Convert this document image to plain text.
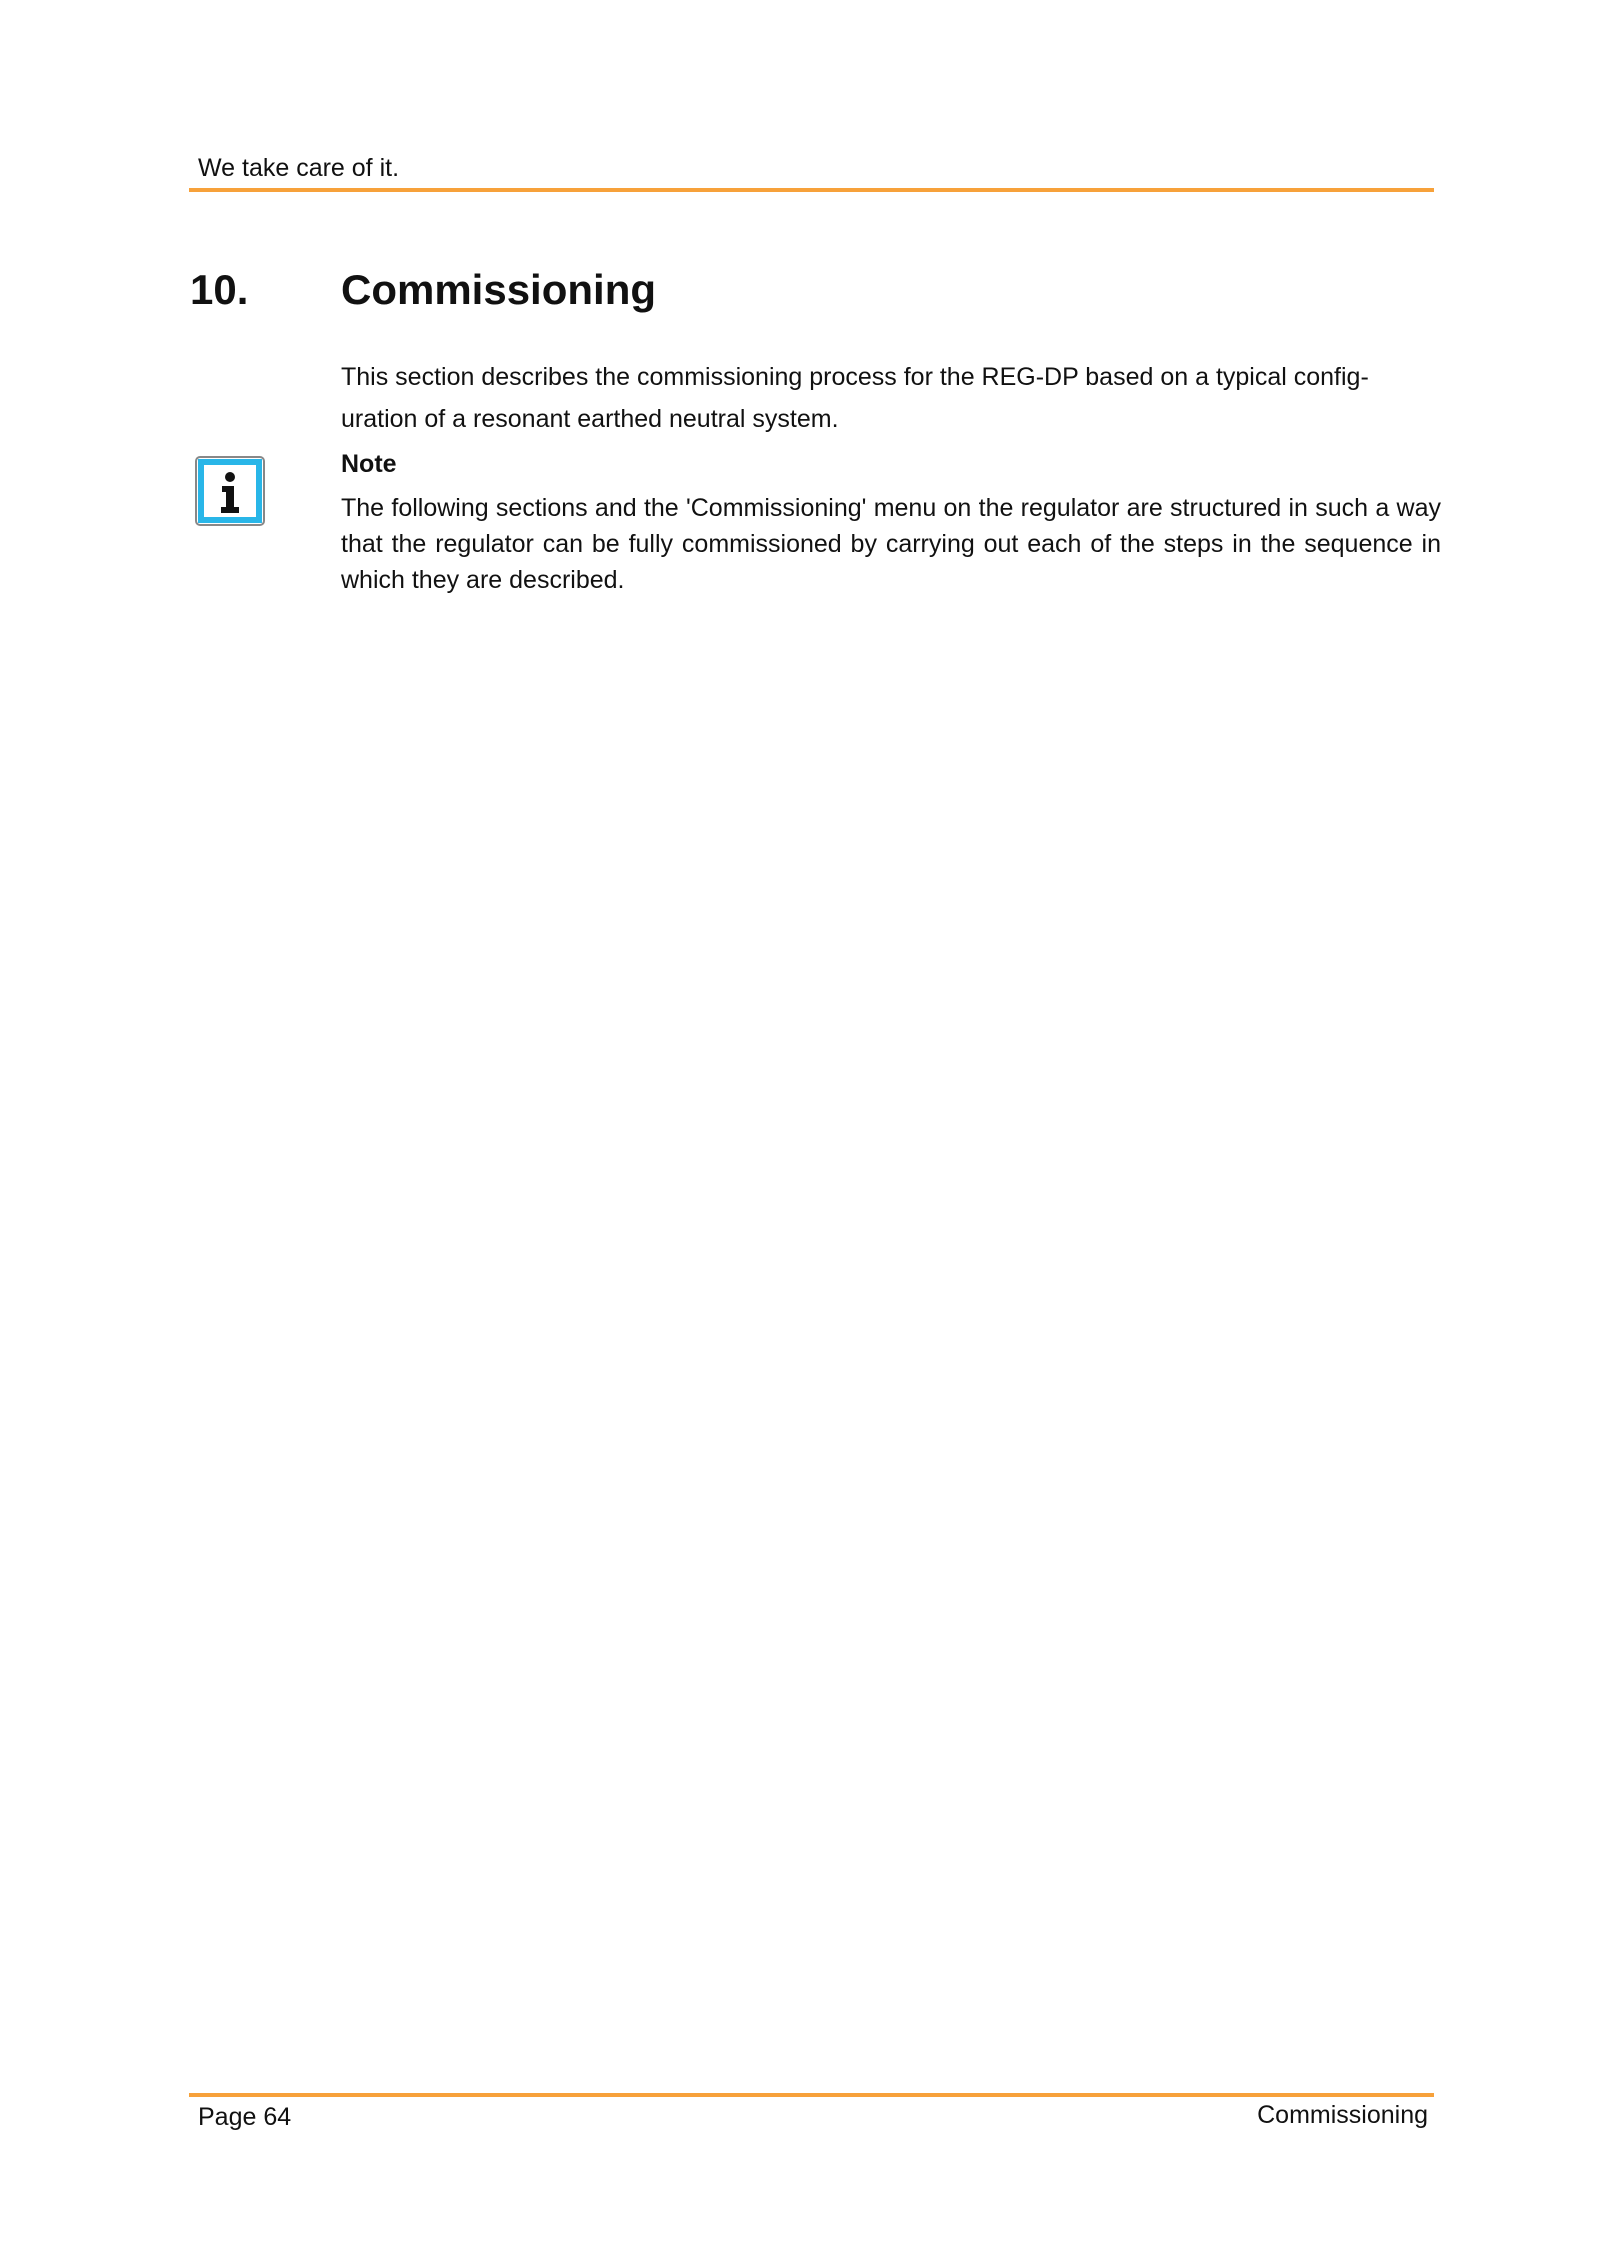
We take care of it.
10. Commissioning
This section describes the commissioning process for the REG-DP based on a typical config-uration of a resonant earthed neutral system.
Note
The following sections and the 'Commissioning' menu on the regulator are structured in such a way that the regulator can be fully commissioned by carrying out each of the steps in the sequence in which they are described.
Page 64	Commissioning
